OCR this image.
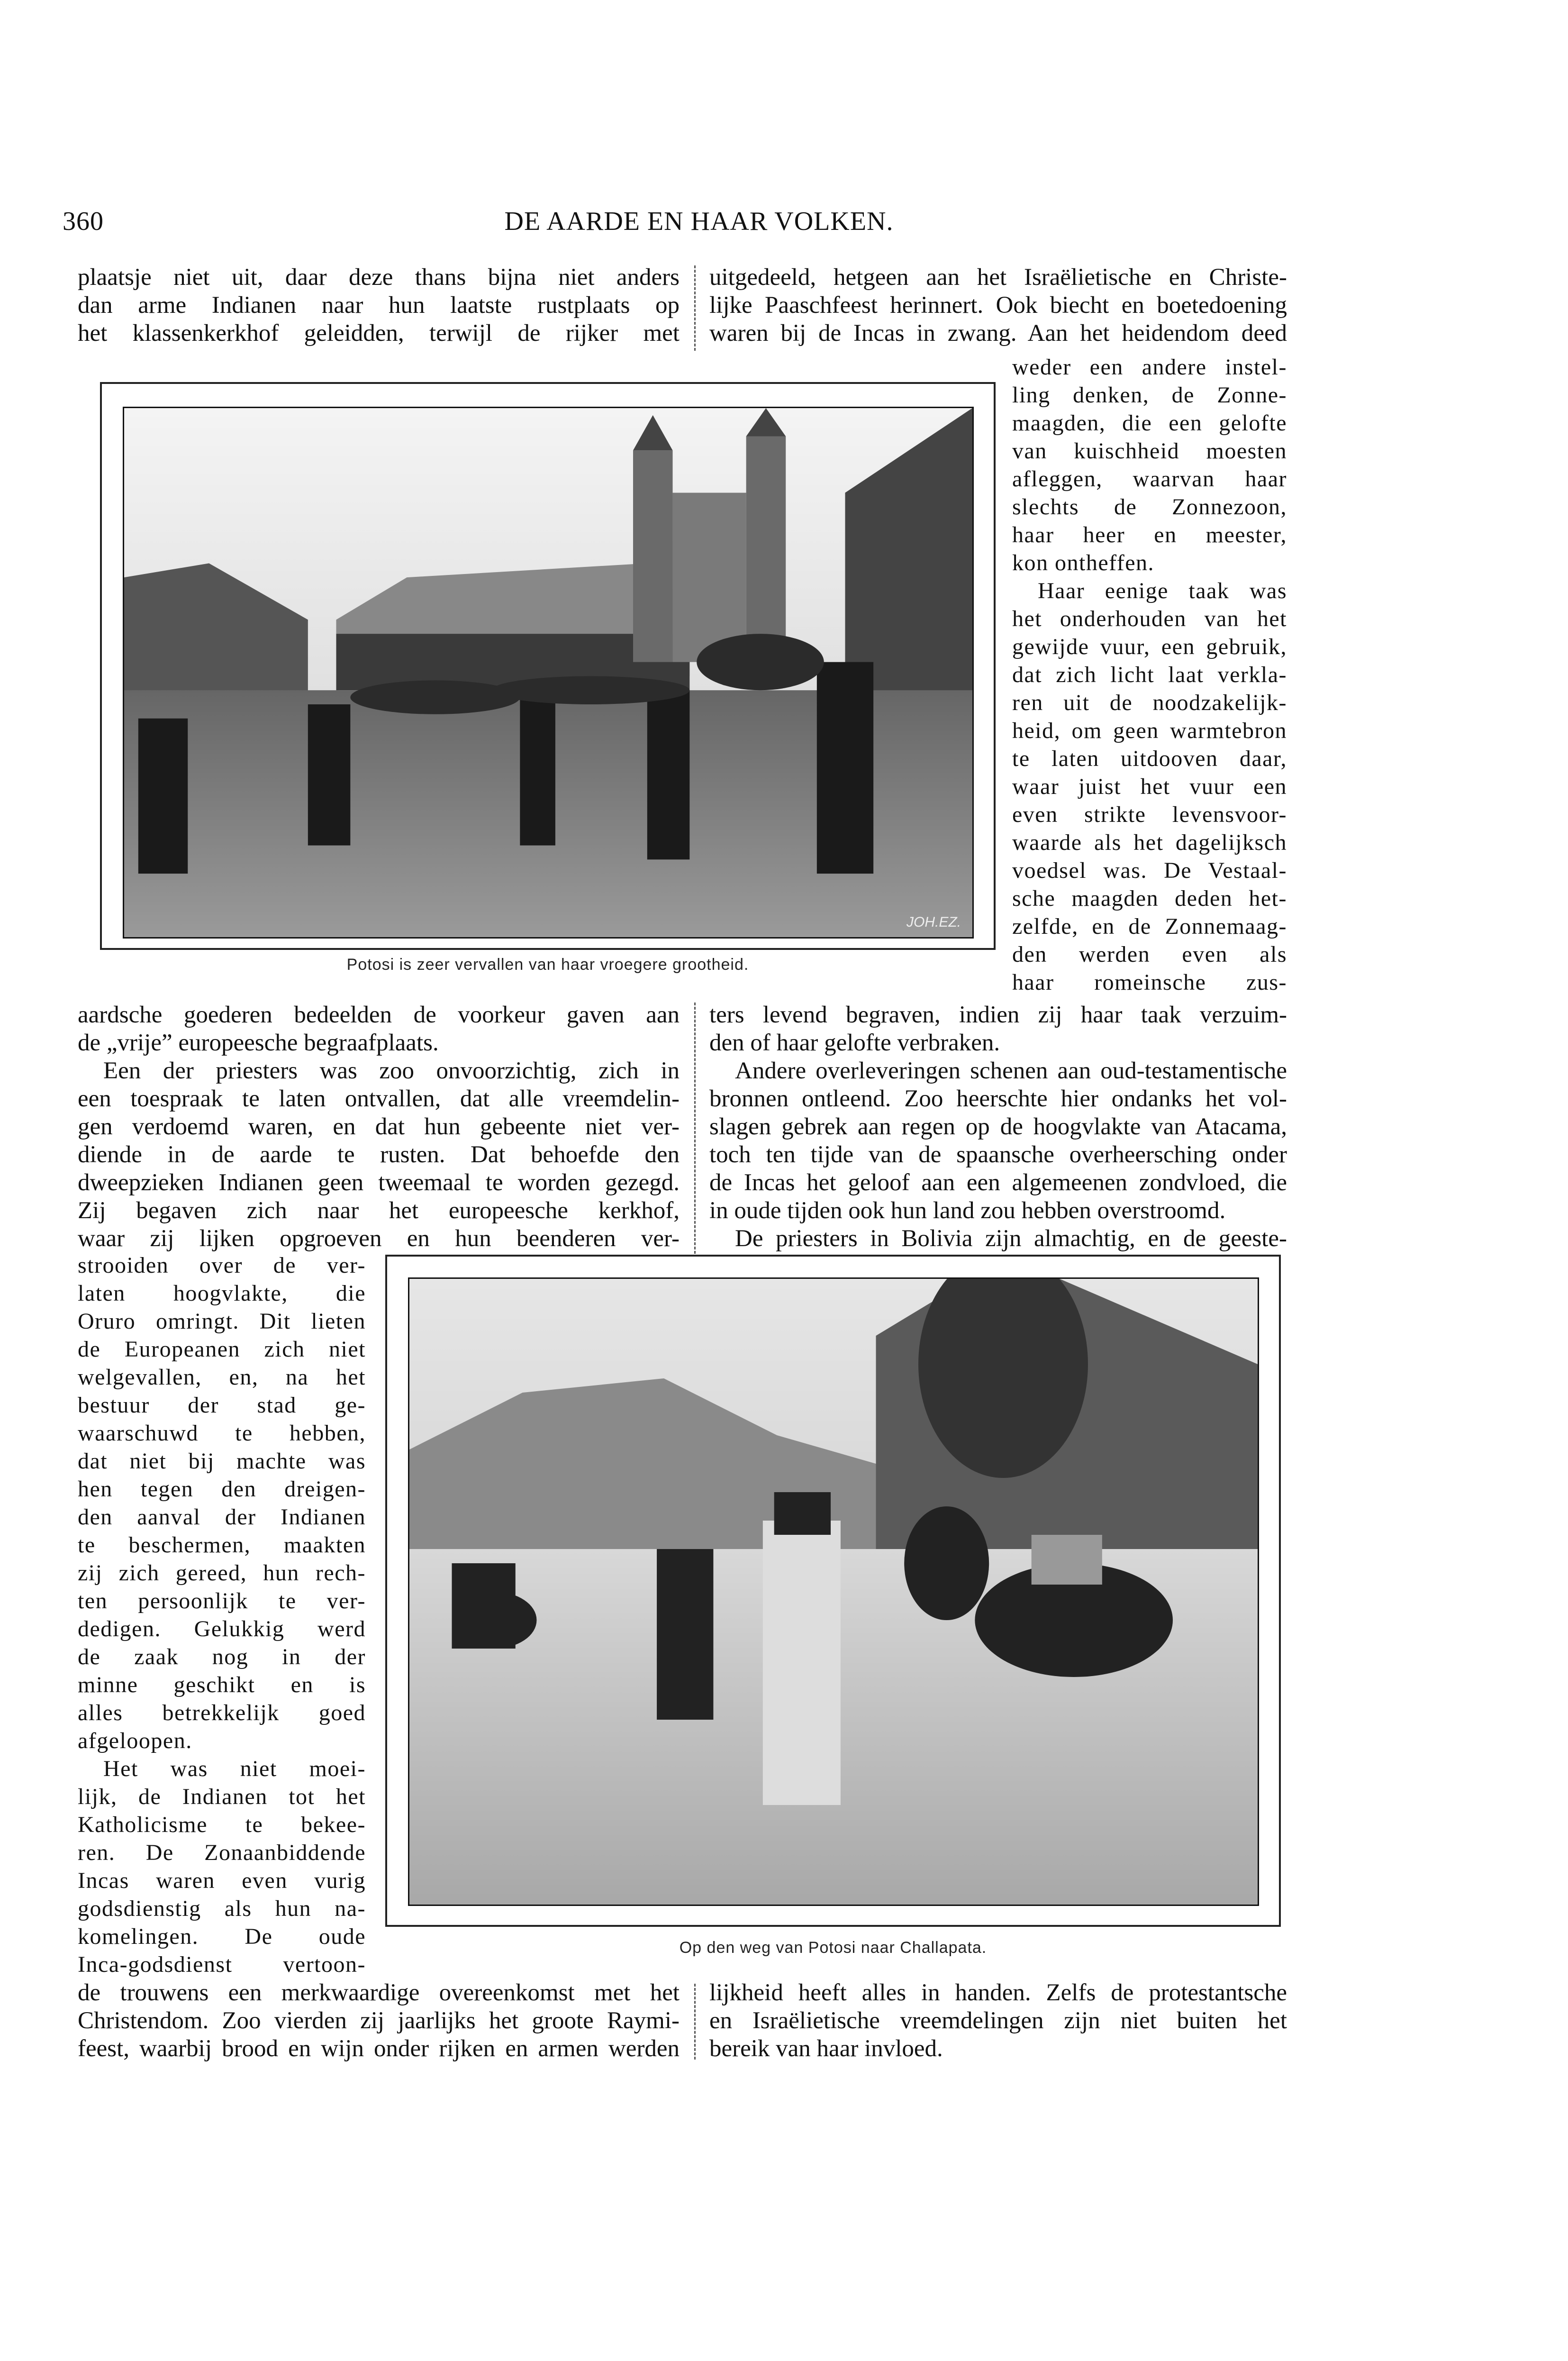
360	DE AARDE EN HAAR VOLKEN.
plaatsje niet uit, daar deze thans bijna niet anders
dan arme Indianen naar hun laatste rustplaats op
het klassenkerkhof geleidden, terwijl de rijker met
uitgedeeld, hetgeen aan het Israëlietische en Christe-
lijke Paaschfeest herinnert. Ook biecht en boetedoening
waren bij de Incas in zwang. Aan het heidendom deed
weder een andere instel-
ling denken, de Zonne-
maagden, die een gelofte
van kuischheid moesten
afleggen, waarvan haar
slechts de Zonnezoon,
haar heer en meester,
kon ontheffen.
Haar eenige taak was
het onderhouden van het
gewijde vuur, een gebruik,
dat zich licht laat verkla-
ren uit de noodzakelijk-
heid, om geen warmtebron
te laten uitdooven daar,
waar juist het vuur een
even strikte levensvoor-
waarde als het dagelijksch
voedsel was. De Vestaal-
sche maagden deden het-
zelfde, en de Zonnemaag-
den werden even als
haar romeinsche zus-
JOH.EZ.
Potosi is zeer vervallen van haar vroegere grootheid.
aardsche goederen bedeelden de voorkeur gaven aan
de „vrije” europeesche begraafplaats.
Een der priesters was zoo onvoorzichtig, zich in
een toespraak te laten ontvallen, dat alle vreemdelin-
gen verdoemd waren, en dat hun gebeente niet ver-
diende in de aarde te rusten. Dat behoefde den
dweepzieken Indianen geen tweemaal te worden gezegd.
Zij begaven zich naar het europeesche kerkhof,
waar zij lijken opgroeven en hun beenderen ver-
ters levend begraven, indien zij haar taak verzuim-
den of haar gelofte verbraken.
Andere overleveringen schenen aan oud-testamentische
bronnen ontleend. Zoo heerschte hier ondanks het vol-
slagen gebrek aan regen op de hoogvlakte van Atacama,
toch ten tijde van de spaansche overheersching onder
de Incas het geloof aan een algemeenen zondvloed, die
in oude tijden ook hun land zou hebben overstroomd.
De priesters in Bolivia zijn almachtig, en de geeste-
strooiden over de ver-
laten hoogvlakte, die
Oruro omringt. Dit lieten
de Europeanen zich niet
welgevallen, en, na het
bestuur der stad ge-
waarschuwd te hebben,
dat niet bij machte was
hen tegen den dreigen-
den aanval der Indianen
te beschermen, maakten
zij zich gereed, hun rech-
ten persoonlijk te ver-
dedigen. Gelukkig werd
de zaak nog in der
minne geschikt en is
alles betrekkelijk goed
afgeloopen.
Het was niet moei-
lijk, de Indianen tot het
Katholicisme te bekee-
ren. De Zonaanbiddende
Incas waren even vurig
godsdienstig als hun na-
komelingen. De oude
Inca-godsdienst vertoon-
Op den weg van Potosi naar Challapata.
de trouwens een merkwaardige overeenkomst met het
Christendom. Zoo vierden zij jaarlijks het groote Raymi-
feest, waarbij brood en wijn onder rijken en armen werden
lijkheid heeft alles in handen. Zelfs de protestantsche
en Israëlietische vreemdelingen zijn niet buiten het
bereik van haar invloed.
